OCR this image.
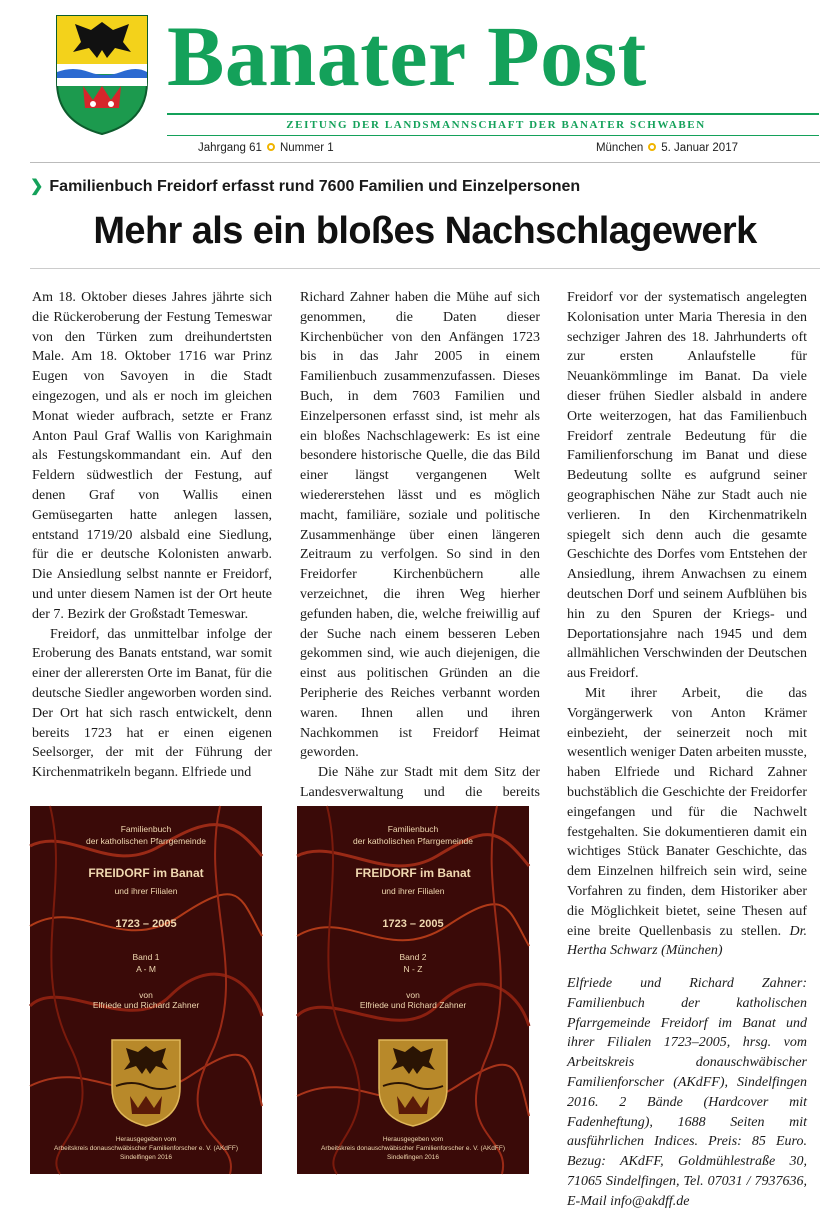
Banater Post
ZEITUNG DER LANDSMANNSCHAFT DER BANATER SCHWABEN
Jahrgang 61 Nummer 1	München 5. Januar 2017
❯ Familienbuch Freidorf erfasst rund 7600 Familien und Einzelpersonen
Mehr als ein bloßes Nachschlagewerk

Am 18. Oktober dieses Jahres jährte sich die Rückeroberung der Festung Temeswar von den Türken zum dreihundertsten Male. Am 18. Oktober 1716 war Prinz Eugen von Savoyen in die Stadt eingezogen, und als er noch im gleichen Monat wieder aufbrach, setzte er Franz Anton Paul Graf Wallis von Karighmain als Festungskommandant ein. Auf den Feldern südwestlich der Festung, auf denen Graf von Wallis einen Gemüsegarten hatte anlegen lassen, entstand 1719/20 alsbald eine Siedlung, für die er deutsche Kolonisten anwarb. Die Ansiedlung selbst nannte er Freidorf, und unter diesem Namen ist der Ort heute der 7. Bezirk der Großstadt Temeswar.

Freidorf, das unmittelbar infolge der Eroberung des Banats entstand, war somit einer der allerersten Orte im Banat, für die deutsche Siedler angeworben worden sind. Der Ort hat sich rasch entwickelt, denn bereits 1723 hat er einen eigenen Seelsorger, der mit der Führung der Kirchenmatrikeln begann. Elfriede und

Richard Zahner haben die Mühe auf sich genommen, die Daten dieser Kirchenbücher von den Anfängen 1723 bis in das Jahr 2005 in einem Familienbuch zusammenzufassen. Dieses Buch, in dem 7603 Familien und Einzelpersonen erfasst sind, ist mehr als ein bloßes Nachschlagewerk: Es ist eine besondere historische Quelle, die das Bild einer längst vergangenen Welt wiedererstehen lässt und es möglich macht, familiäre, soziale und politische Zusammenhänge über einen längeren Zeitraum zu verfolgen. So sind in den Freidorfer Kirchenbüchern alle verzeichnet, die ihren Weg hierher gefunden haben, die, welche freiwillig auf der Suche nach einem besseren Leben gekommen sind, wie auch diejenigen, die einst aus politischen Gründen an die Peripherie des Reiches verbannt worden waren. Ihnen allen und ihren Nachkommen ist Freidorf Heimat geworden.

Die Nähe zur Stadt mit dem Sitz der Landesverwaltung und die bereits

Freidorf vor der systematisch angelegten Kolonisation unter Maria Theresia in den sechziger Jahren des 18. Jahrhunderts oft zur ersten Anlaufstelle für Neuankömmlinge im Banat. Da viele dieser frühen Siedler alsbald in andere Orte weiterzogen, hat das Familienbuch Freidorf zentrale Bedeutung für die Familienforschung im Banat und diese Bedeutung sollte es aufgrund seiner geographischen Nähe zur Stadt auch nie verlieren. In den Kirchenmatrikeln spiegelt sich denn auch die gesamte Geschichte des Dorfes vom Entstehen der Ansiedlung, ihrem Anwachsen zu einem deutschen Dorf und seinem Aufblühen bis hin zu den Spuren der Kriegs- und Deportationsjahre nach 1945 und dem allmählichen Verschwinden der Deutschen aus Freidorf.

Mit ihrer Arbeit, die das Vorgängerwerk von Anton Krämer einbezieht, der seinerzeit noch mit wesentlich weniger Daten arbeiten musste, haben Elfriede und Richard Zahner buchstäblich die Geschichte der Freidorfer eingefangen und für die Nachwelt festgehalten. Sie dokumentieren damit ein wichtiges Stück Banater Geschichte, das dem Einzelnen hilfreich sein wird, seine Vorfahren zu finden, dem Historiker aber die Möglichkeit bietet, seine Thesen auf eine breite Quellenbasis zu stellen. Dr. Hertha Schwarz (München)

Elfriede und Richard Zahner: Familienbuch der katholischen Pfarrgemeinde Freidorf im Banat und ihrer Filialen 1723–2005, hrsg. vom Arbeitskreis donauschwäbischer Familienforscher (AKdFF), Sindelfingen 2016. 2 Bände (Hardcover mit Fadenheftung), 1688 Seiten mit ausführlichen Indices. Preis: 85 Euro. Bezug: AKdFF, Goldmühlestraße 30, 71065 Sindelfingen, Tel. 07031 / 7937636, E-Mail info@akdff.de
Familienbuch
der katholischen Pfarrgemeinde
FREIDORF im Banat
und ihrer Filialen
1723 – 2005
Band 1
A - M
von
Elfriede und Richard Zahner
Herausgegeben vom
Arbeitskreis donauschwäbischer Familienforscher e. V. (AKdFF)
Sindelfingen 2016
Familienbuch
der katholischen Pfarrgemeinde
FREIDORF im Banat
und ihrer Filialen
1723 – 2005
Band 2
N - Z
von
Elfriede und Richard Zahner
Herausgegeben vom
Arbeitskreis donauschwäbischer Familienforscher e. V. (AKdFF)
Sindelfingen 2016
